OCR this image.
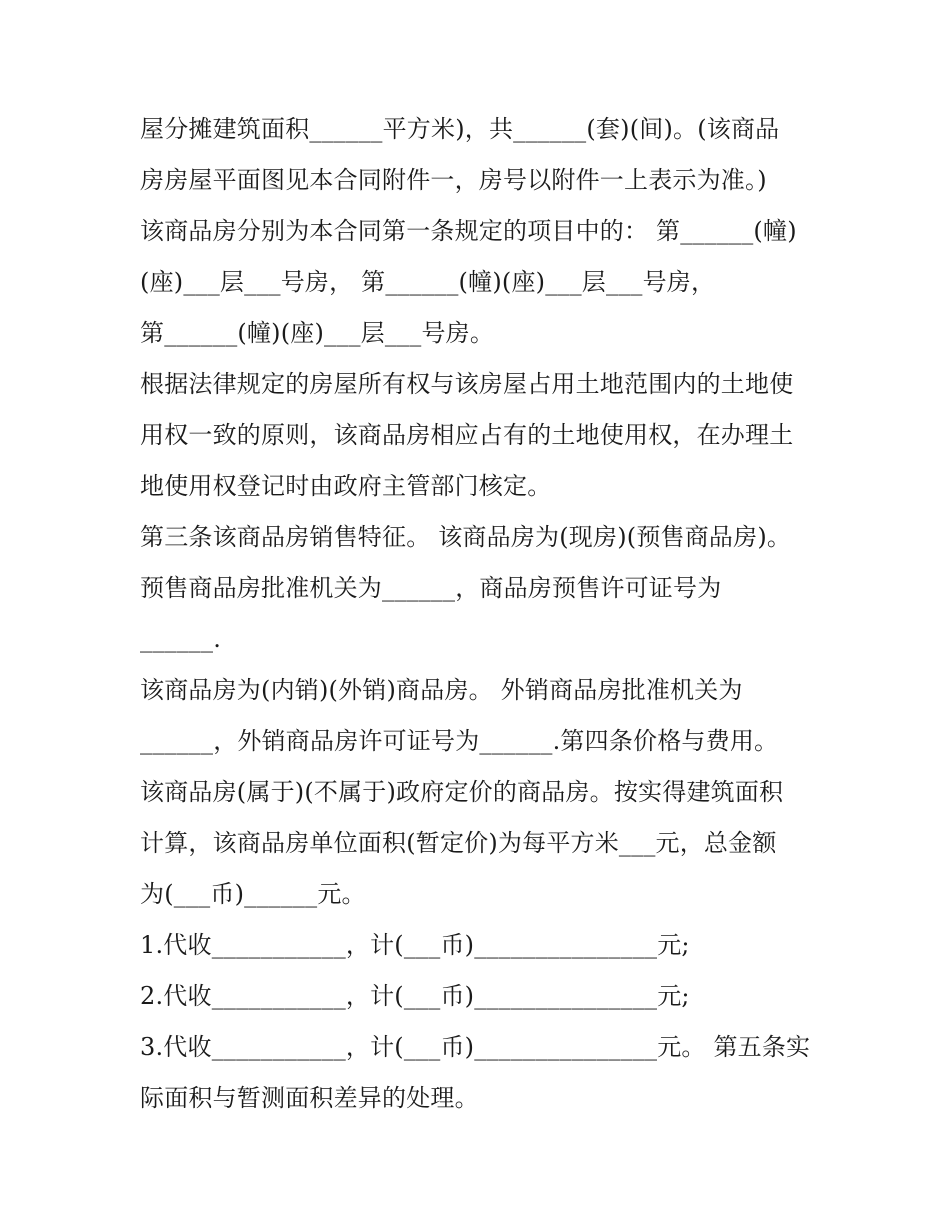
屋分摊建筑面积______平方米)，共______(套)(间)。(该商品
房房屋平面图见本合同附件一，房号以附件一上表示为准。)
该商品房分别为本合同第一条规定的项目中的： 第______(幢)
(座)___层___号房， 第______(幢)(座)___层___号房，
第______(幢)(座)___层___号房。
根据法律规定的房屋所有权与该房屋占用土地范围内的土地使
用权一致的原则，该商品房相应占有的土地使用权，在办理土
地使用权登记时由政府主管部门核定。
第三条该商品房销售特征。 该商品房为(现房)(预售商品房)。
预售商品房批准机关为______，商品房预售许可证号为
______.
该商品房为(内销)(外销)商品房。 外销商品房批准机关为
______，外销商品房许可证号为______.第四条价格与费用。
该商品房(属于)(不属于)政府定价的商品房。按实得建筑面积
计算，该商品房单位面积(暂定价)为每平方米___元，总金额
为(___币)______元。
1.代收___________，计(___币)_______________元;
2.代收___________，计(___币)_______________元;
3.代收___________，计(___币)_______________元。 第五条实
际面积与暂测面积差异的处理。
